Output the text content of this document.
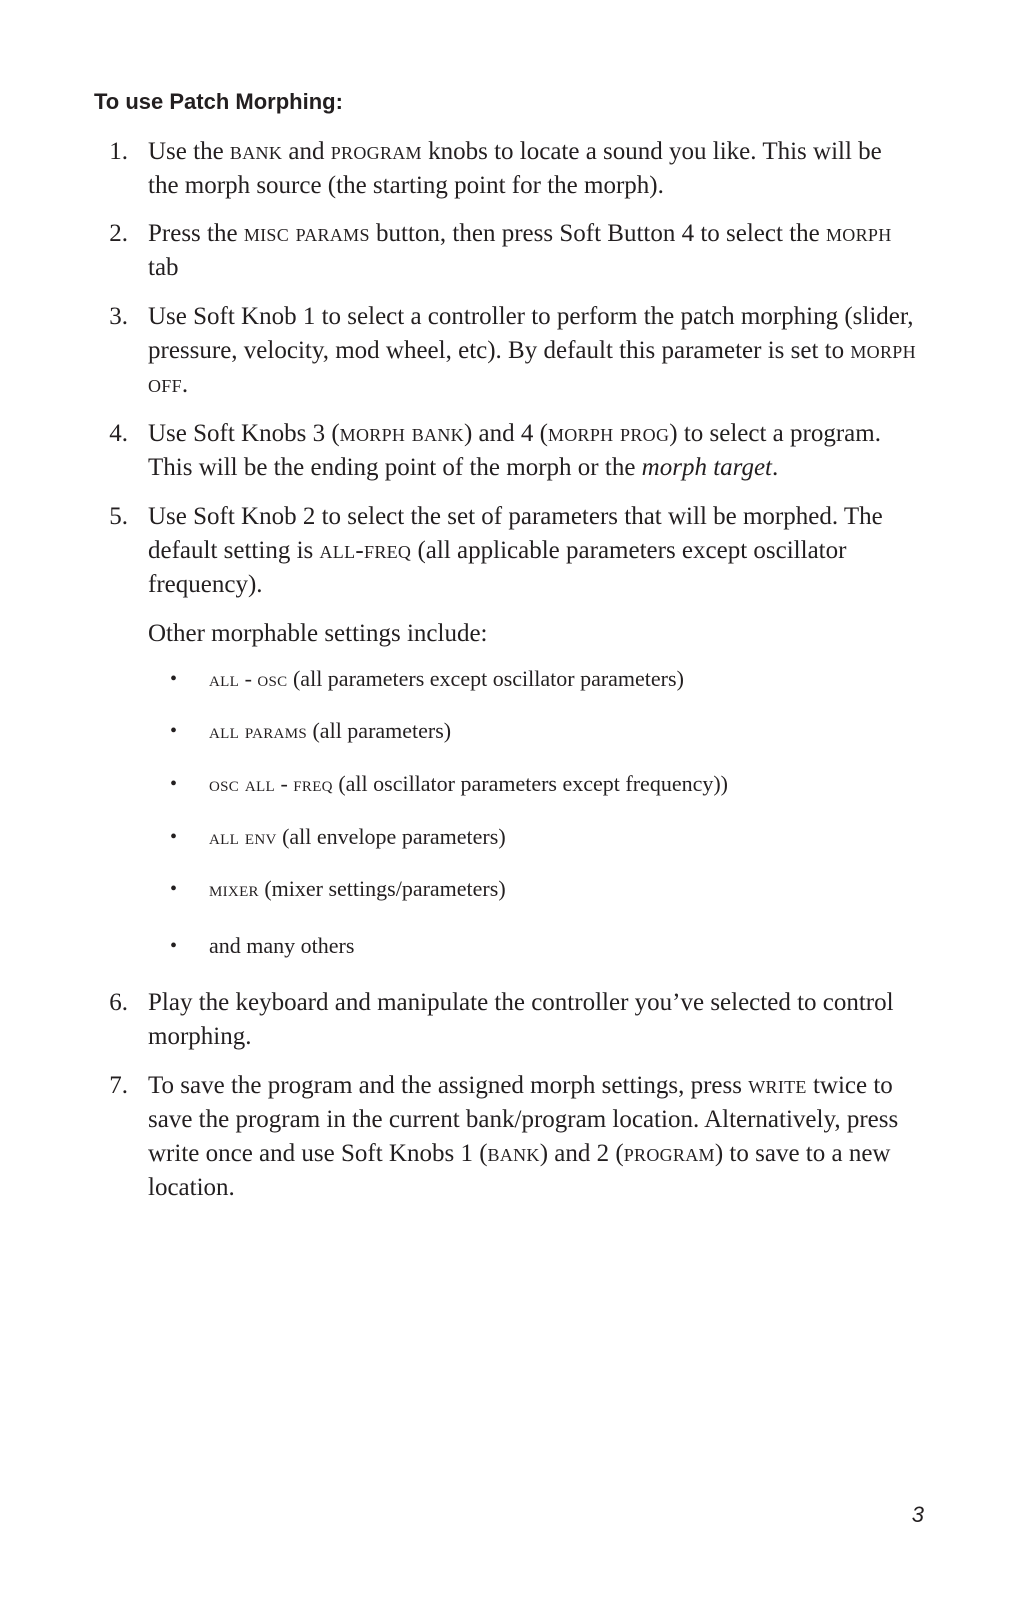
To use Patch Morphing:
1. Use the bank and program knobs to locate a sound you like. This will be
the morph source (the starting point for the morph).
2. Press the misc params button, then press Soft Button 4 to select the morph
tab
3. Use Soft Knob 1 to select a controller to perform the patch morphing (slider,
pressure, velocity, mod wheel, etc). By default this parameter is set to morph
off.
4. Use Soft Knobs 3 (morph bank) and 4 (morph prog) to select a program.
This will be the ending point of the morph or the morph target.
5. Use Soft Knob 2 to select the set of parameters that will be morphed. The
default setting is all-freq (all applicable parameters except oscillator
frequency).
6. Play the keyboard and manipulate the controller you’ve selected to control
morphing.
7. To save the program and the assigned morph settings, press write twice to
save the program in the current bank/program location. Alternatively, press
write once and use Soft Knobs 1 (bank) and 2 (program) to save to a new
location.
Other morphable settings include:
• all - osc (all parameters except oscillator parameters)
• all params (all parameters)
• osc all - freq (all oscillator parameters except frequency))
• all env (all envelope parameters)
• mixer (mixer settings/parameters)
• and many others
3
